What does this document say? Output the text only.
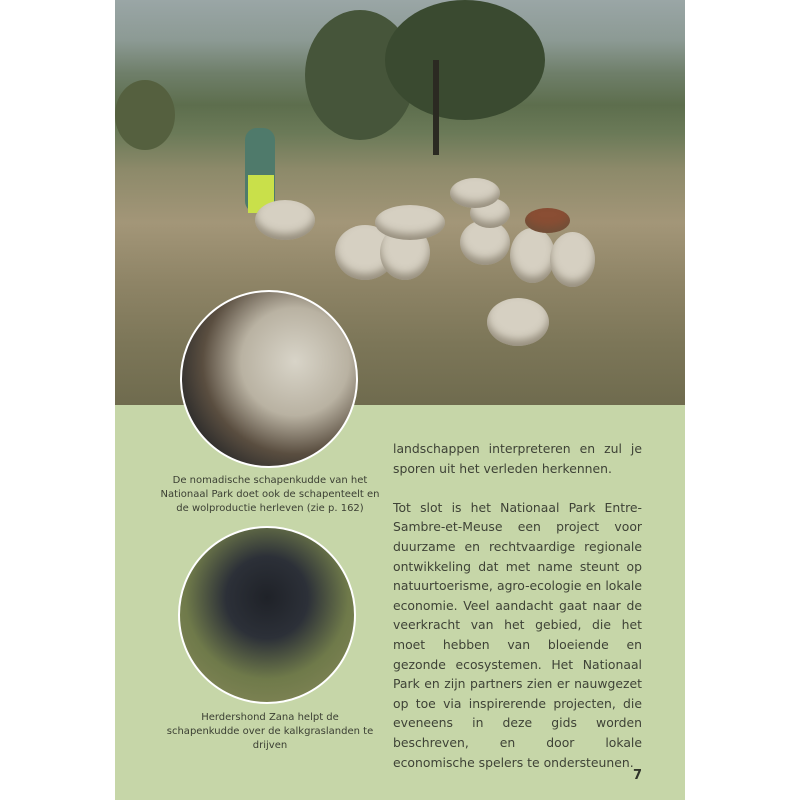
De nomadische schapenkudde van het Nationaal Park doet ook de schapenteelt en de wolproductie herleven (zie p. 162)
Herdershond Zana helpt de schapenkudde over de kalkgraslanden te drijven

landschappen interpreteren en zul je sporen uit het verleden herkennen.

Tot slot is het Nationaal Park Entre-Sambre-et-Meuse een project voor duurzame en rechtvaardige regionale ontwikkeling dat met name steunt op natuurtoerisme, agro-ecologie en lokale economie. Veel aandacht gaat naar de veerkracht van het gebied, die het moet hebben van bloeiende en gezonde ecosystemen. Het Nationaal Park en zijn partners zien er nauwgezet op toe via inspirerende projecten, die eveneens in deze gids worden beschreven, en door lokale economische spelers te ondersteunen.

7
